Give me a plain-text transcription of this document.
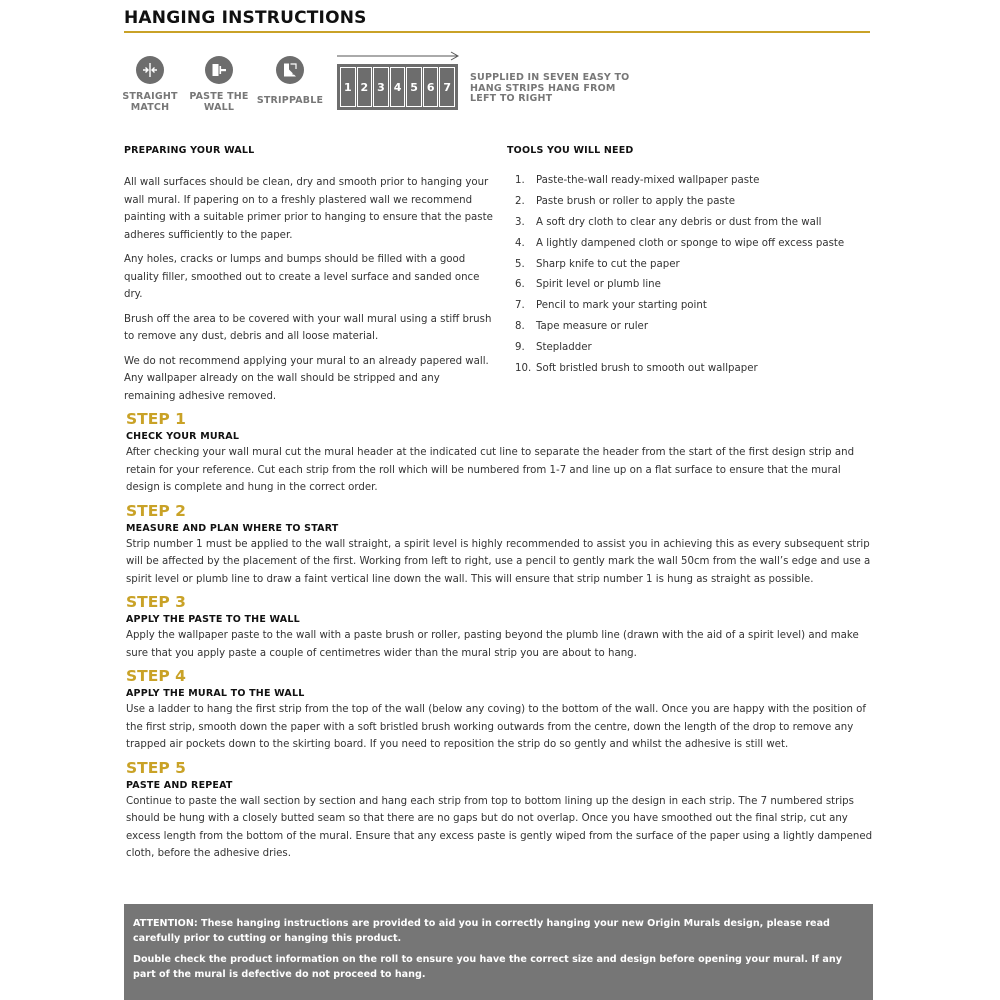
HANGING INSTRUCTIONS
STRAIGHT MATCH
PASTE THE WALL
STRIPPABLE
1 2 3 4 5 6 7
SUPPLIED IN SEVEN EASY TO HANG STRIPS HANG FROM LEFT TO RIGHT
PREPARING YOUR WALL

All wall surfaces should be clean, dry and smooth prior to hanging your wall mural. If papering on to a freshly plastered wall we recommend painting with a suitable primer prior to hanging to ensure that the paste adheres sufficiently to the paper.

Any holes, cracks or lumps and bumps should be filled with a good quality filler, smoothed out to create a level surface and sanded once dry.

Brush off the area to be covered with your wall mural using a stiff brush to remove any dust, debris and all loose material.

We do not recommend applying your mural to an already papered wall. Any wallpaper already on the wall should be stripped and any remaining adhesive removed.

TOOLS YOU WILL NEED
1.	Paste-the-wall ready-mixed wallpaper paste
2.	Paste brush or roller to apply the paste
3.	A soft dry cloth to clear any debris or dust from the wall
4.	A lightly dampened cloth or sponge to wipe off excess paste
5.	Sharp knife to cut the paper
6.	Spirit level or plumb line
7.	Pencil to mark your starting point
8.	Tape measure or ruler
9.	Stepladder
10. Soft bristled brush to smooth out wallpaper
STEP 1
CHECK YOUR MURAL
After checking your wall mural cut the mural header at the indicated cut line to separate the header from the start of the first design strip and retain for your reference. Cut each strip from the roll which will be numbered from 1-7 and line up on a flat surface to ensure that the mural design is complete and hung in the correct order.
STEP 2
MEASURE AND PLAN WHERE TO START
Strip number 1 must be applied to the wall straight, a spirit level is highly recommended to assist you in achieving this as every subsequent strip will be affected by the placement of the first. Working from left to right, use a pencil to gently mark the wall 50cm from the wall’s edge and use a spirit level or plumb line to draw a faint vertical line down the wall. This will ensure that strip number 1 is hung as straight as possible.
STEP 3
APPLY THE PASTE TO THE WALL
Apply the wallpaper paste to the wall with a paste brush or roller, pasting beyond the plumb line (drawn with the aid of a spirit level) and make sure that you apply paste a couple of centimetres wider than the mural strip you are about to hang.
STEP 4
APPLY THE MURAL TO THE WALL
Use a ladder to hang the first strip from the top of the wall (below any coving) to the bottom of the wall. Once you are happy with the position of the first strip, smooth down the paper with a soft bristled brush working outwards from the centre, down the length of the drop to remove any trapped air pockets down to the skirting board. If you need to reposition the strip do so gently and whilst the adhesive is still wet.
STEP 5
PASTE AND REPEAT
Continue to paste the wall section by section and hang each strip from top to bottom lining up the design in each strip. The 7 numbered strips should be hung with a closely butted seam so that there are no gaps but do not overlap. Once you have smoothed out the final strip, cut any excess length from the bottom of the mural. Ensure that any excess paste is gently wiped from the surface of the paper using a lightly dampened cloth, before the adhesive dries.

ATTENTION: These hanging instructions are provided to aid you in correctly hanging your new Origin Murals design, please read carefully prior to cutting or hanging this product.

Double check the product information on the roll to ensure you have the correct size and design before opening your mural. If any part of the mural is defective do not proceed to hang.
